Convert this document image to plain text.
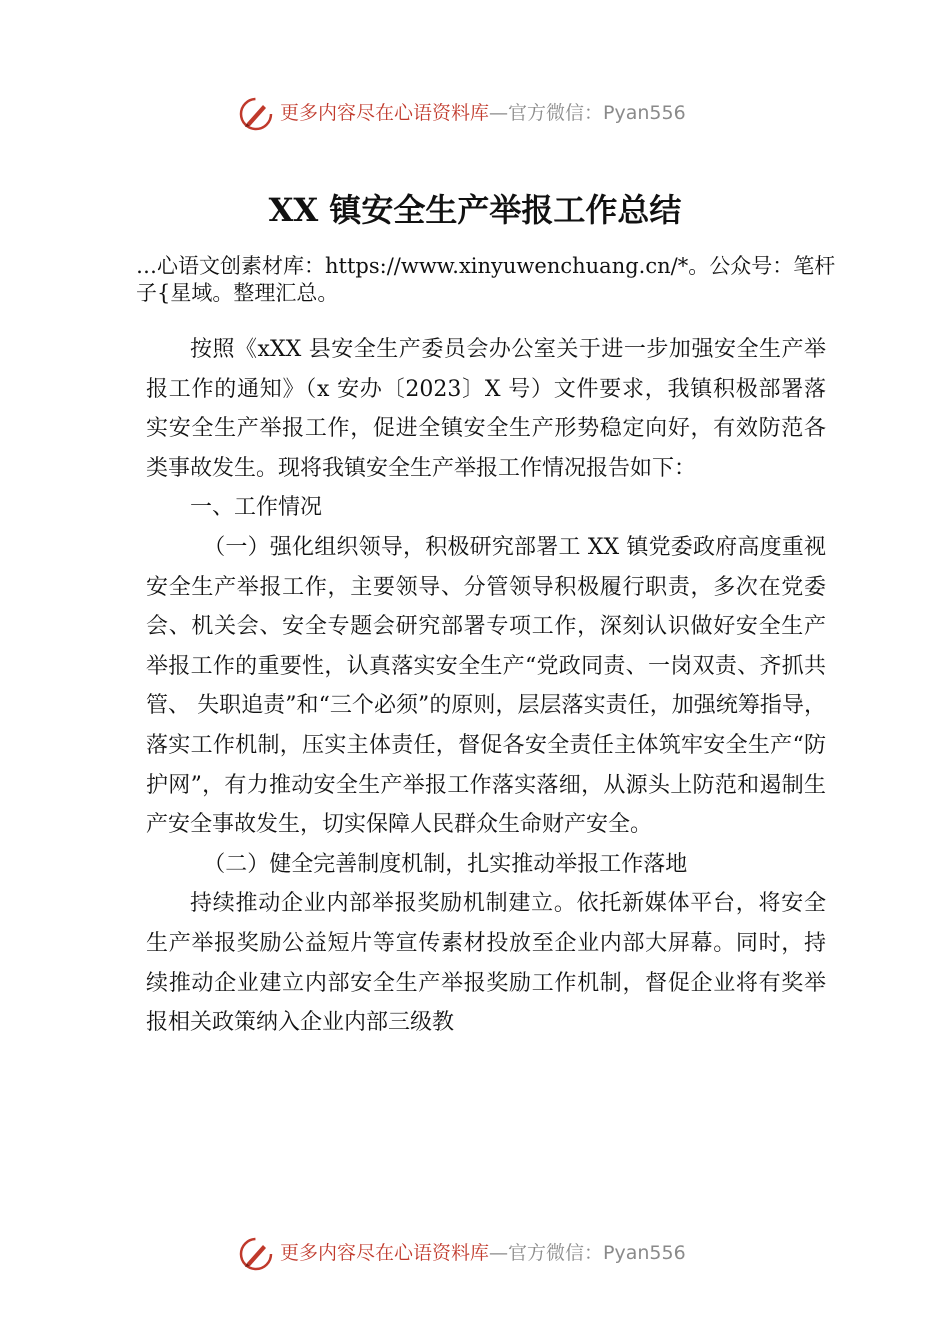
更多内容尽在心语资料库—官方微信：Pyan556
XX 镇安全生产举报工作总结
…心语文创素材库：https://www.xinyuwenchuang.cn/*。公众号：笔杆子{星域。整理汇总。

按照《xXX 县安全生产委员会办公室关于进一步加强安全生产举报工作的通知》（x 安办〔2023〕X 号）文件要求，我镇积极部署落实安全生产举报工作，促进全镇安全生产形势稳定向好，有效防范各类事故发生。现将我镇安全生产举报工作情况报告如下：

一、工作情况

（一）强化组织领导，积极研究部署工 XX 镇党委政府高度重视安全生产举报工作，主要领导、分管领导积极履行职责，多次在党委会、机关会、安全专题会研究部署专项工作，深刻认识做好安全生产举报工作的重要性，认真落实安全生产“党政同责、一岗双责、齐抓共管、 失职追责”和“三个必须”的原则，层层落实责任，加强统筹指导，落实工作机制，压实主体责任，督促各安全责任主体筑牢安全生产“防护网”，有力推动安全生产举报工作落实落细，从源头上防范和遏制生产安全事故发生，切实保障人民群众生命财产安全。

（二）健全完善制度机制，扎实推动举报工作落地

持续推动企业内部举报奖励机制建立。依托新媒体平台，将安全生产举报奖励公益短片等宣传素材投放至企业内部大屏幕。同时，持续推动企业建立内部安全生产举报奖励工作机制，督促企业将有奖举报相关政策纳入企业内部三级教

更多内容尽在心语资料库—官方微信：Pyan556
